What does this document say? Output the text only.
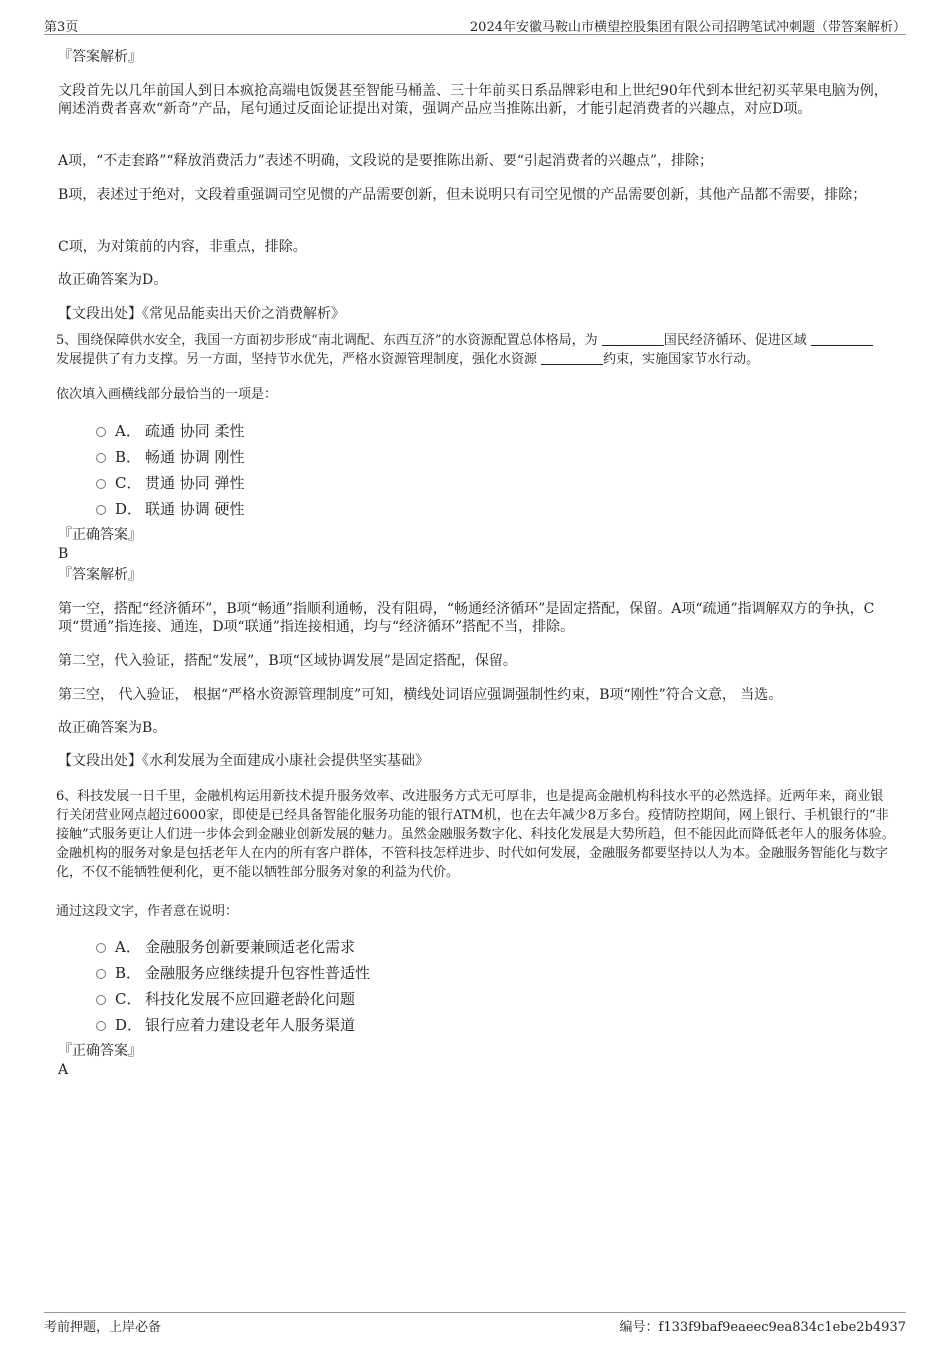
第3页	2024年安徽马鞍山市横望控股集团有限公司招聘笔试冲刺题（带答案解析）
『答案解析』
文段首先以几年前国人到日本疯抢高端电饭煲甚至智能马桶盖、三十年前买日系品牌彩电和上世纪90年代到本世纪初买苹果电脑为例，阐述消费者喜欢“新奇”产品，尾句通过反面论证提出对策，强调产品应当推陈出新，才能引起消费者的兴趣点，对应D项。
A项，“不走套路”“释放消费活力”表述不明确，文段说的是要推陈出新、要“引起消费者的兴趣点”，排除；
B项，表述过于绝对，文段着重强调司空见惯的产品需要创新，但未说明只有司空见惯的产品需要创新，其他产品都不需要，排除；
C项，为对策前的内容，非重点，排除。
故正确答案为D。
【文段出处】《常见品能卖出天价之消费解析》
5、围绕保障供水安全，我国一方面初步形成“南北调配、东西互济”的水资源配置总体格局，为	国民经济循环、促进区域
发展提供了有力支撑。另一方面，坚持节水优先，严格水资源管理制度，强化水资源	约束，实施国家节水行动。
依次填入画横线部分最恰当的一项是：
A． 疏通 协同 柔性
B． 畅通 协调 刚性
C． 贯通 协同 弹性
D． 联通 协调 硬性
『正确答案』
B
『答案解析』
第一空，搭配“经济循环”，B项“畅通”指顺利通畅，没有阻碍，“畅通经济循环”是固定搭配，保留。A项“疏通”指调解双方的争执，C项“贯通”指连接、通连，D项“联通”指连接相通，均与“经济循环”搭配不当，排除。
第二空，代入验证，搭配“发展”，B项“区域协调发展”是固定搭配，保留。
第三空， 代入验证， 根据“严格水资源管理制度”可知，横线处词语应强调强制性约束，B项“刚性”符合文意， 当选。
故正确答案为B。
【文段出处】《水利发展为全面建成小康社会提供坚实基础》
6、科技发展一日千里，金融机构运用新技术提升服务效率、改进服务方式无可厚非，也是提高金融机构科技水平的必然选择。近两年来，商业银行关闭营业网点超过6000家，即使是已经具备智能化服务功能的银行ATM机，也在去年减少8万多台。疫情防控期间，网上银行、手机银行的“非接触”式服务更让人们进一步体会到金融业创新发展的魅力。虽然金融服务数字化、科技化发展是大势所趋，但不能因此而降低老年人的服务体验。金融机构的服务对象是包括老年人在内的所有客户群体，不管科技怎样进步、时代如何发展，金融服务都要坚持以人为本。金融服务智能化与数字化，不仅不能牺牲便利化，更不能以牺牲部分服务对象的利益为代价。
通过这段文字，作者意在说明：
A． 金融服务创新要兼顾适老化需求
B． 金融服务应继续提升包容性普适性
C． 科技化发展不应回避老龄化问题
D． 银行应着力建设老年人服务渠道
『正确答案』
A
考前押题，上岸必备	编号：f133f9baf9eaeec9ea834c1ebe2b4937
